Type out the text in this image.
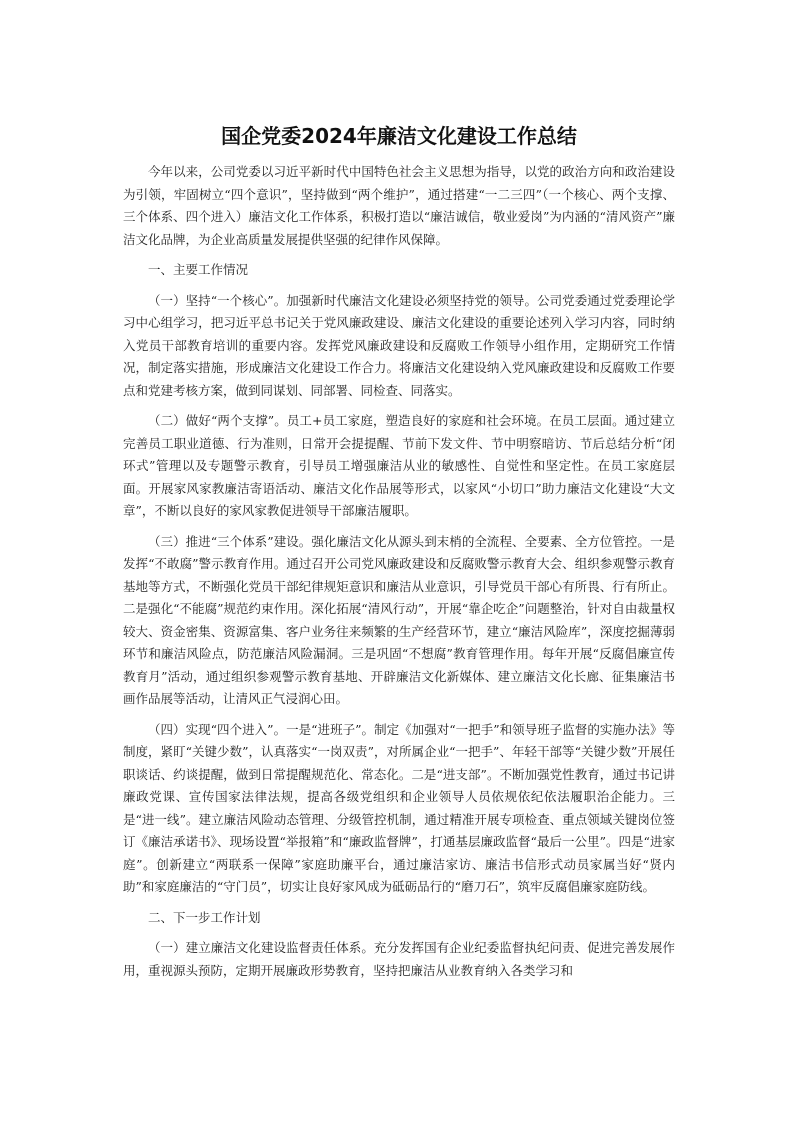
国企党委2024年廉洁文化建设工作总结

今年以来，公司党委以习近平新时代中国特色社会主义思想为指导，以党的政治方向和政治建设为引领，牢固树立“四个意识”，坚持做到“两个维护”，通过搭建“一二三四”（一个核心、两个支撑、三个体系、四个进入）廉洁文化工作体系，积极打造以“廉洁诚信，敬业爱岗”为内涵的“清风资产”廉洁文化品牌，为企业高质量发展提供坚强的纪律作风保障。

一、主要工作情况

（一）坚持“一个核心”。加强新时代廉洁文化建设必须坚持党的领导。公司党委通过党委理论学习中心组学习，把习近平总书记关于党风廉政建设、廉洁文化建设的重要论述列入学习内容，同时纳入党员干部教育培训的重要内容。发挥党风廉政建设和反腐败工作领导小组作用，定期研究工作情况，制定落实措施，形成廉洁文化建设工作合力。将廉洁文化建设纳入党风廉政建设和反腐败工作要点和党建考核方案，做到同谋划、同部署、同检查、同落实。

（二）做好“两个支撑”。员工+员工家庭，塑造良好的家庭和社会环境。在员工层面。通过建立完善员工职业道德、行为准则，日常开会提提醒、节前下发文件、节中明察暗访、节后总结分析“闭环式”管理以及专题警示教育，引导员工增强廉洁从业的敏感性、自觉性和坚定性。在员工家庭层面。开展家风家教廉洁寄语活动、廉洁文化作品展等形式，以家风“小切口”助力廉洁文化建设“大文章”，不断以良好的家风家教促进领导干部廉洁履职。

（三）推进“三个体系”建设。强化廉洁文化从源头到末梢的全流程、全要素、全方位管控。一是发挥“不敢腐”警示教育作用。通过召开公司党风廉政建设和反腐败警示教育大会、组织参观警示教育基地等方式，不断强化党员干部纪律规矩意识和廉洁从业意识，引导党员干部心有所畏、行有所止。二是强化“不能腐”规范约束作用。深化拓展“清风行动”，开展“靠企吃企”问题整治，针对自由裁量权较大、资金密集、资源富集、客户业务往来频繁的生产经营环节，建立“廉洁风险库”，深度挖掘薄弱环节和廉洁风险点，防范廉洁风险漏洞。三是巩固“不想腐”教育管理作用。每年开展“反腐倡廉宣传教育月”活动，通过组织参观警示教育基地、开辟廉洁文化新媒体、建立廉洁文化长廊、征集廉洁书画作品展等活动，让清风正气浸润心田。

（四）实现“四个进入”。一是“进班子”。制定《加强对“一把手”和领导班子监督的实施办法》等制度，紧盯“关键少数”，认真落实“一岗双责”，对所属企业“一把手”、年轻干部等“关键少数”开展任职谈话、约谈提醒，做到日常提醒规范化、常态化。二是“进支部”。不断加强党性教育，通过书记讲廉政党课、宣传国家法律法规，提高各级党组织和企业领导人员依规依纪依法履职治企能力。三是“进一线”。建立廉洁风险动态管理、分级管控机制，通过精准开展专项检查、重点领域关键岗位签订《廉洁承诺书》、现场设置“举报箱”和“廉政监督牌”，打通基层廉政监督“最后一公里”。四是“进家庭”。创新建立“两联系一保障”家庭助廉平台，通过廉洁家访、廉洁书信形式动员家属当好“贤内助”和家庭廉洁的“守门员”，切实让良好家风成为砥砺品行的“磨刀石”，筑牢反腐倡廉家庭防线。

二、下一步工作计划

（一）建立廉洁文化建设监督责任体系。充分发挥国有企业纪委监督执纪问责、促进完善发展作用，重视源头预防，定期开展廉政形势教育，坚持把廉洁从业教育纳入各类学习和
